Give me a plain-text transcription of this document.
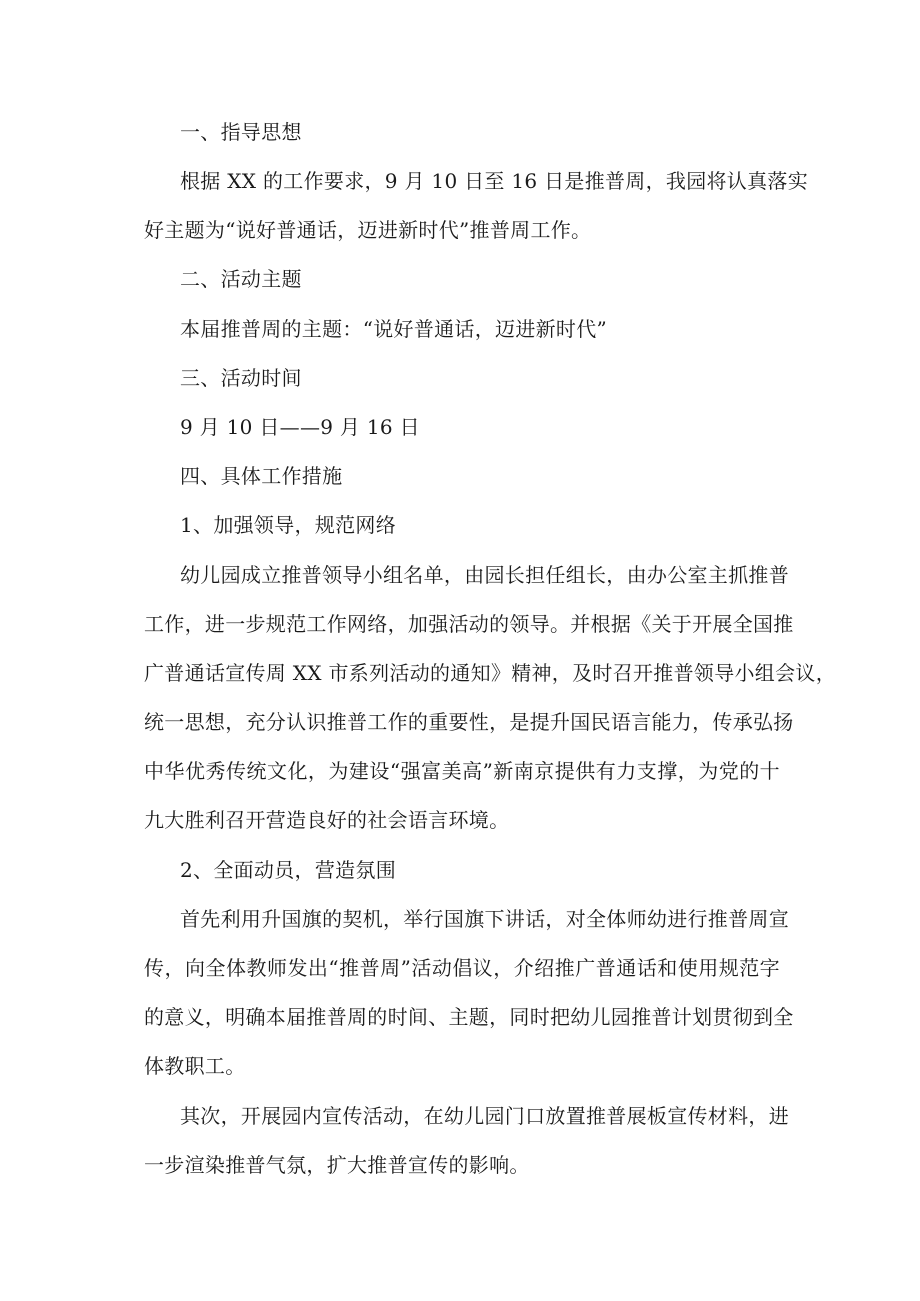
一、指导思想
根据 XX 的工作要求，9 月 10 日至 16 日是推普周，我园将认真落实
好主题为“说好普通话，迈进新时代”推普周工作。
二、活动主题
本届推普周的主题：“说好普通话，迈进新时代”
三、活动时间
9 月 10 日——9 月 16 日
四、具体工作措施
1、加强领导，规范网络
幼儿园成立推普领导小组名单，由园长担任组长，由办公室主抓推普
工作，进一步规范工作网络，加强活动的领导。并根据《关于开展全国推
广普通话宣传周 XX 市系列活动的通知》精神，及时召开推普领导小组会议，
统一思想，充分认识推普工作的重要性，是提升国民语言能力，传承弘扬
中华优秀传统文化，为建设“强富美高”新南京提供有力支撑，为党的十
九大胜利召开营造良好的社会语言环境。
2、全面动员，营造氛围
首先利用升国旗的契机，举行国旗下讲话，对全体师幼进行推普周宣
传，向全体教师发出“推普周”活动倡议，介绍推广普通话和使用规范字
的意义，明确本届推普周的时间、主题，同时把幼儿园推普计划贯彻到全
体教职工。
其次，开展园内宣传活动，在幼儿园门口放置推普展板宣传材料，进
一步渲染推普气氛，扩大推普宣传的影响。
